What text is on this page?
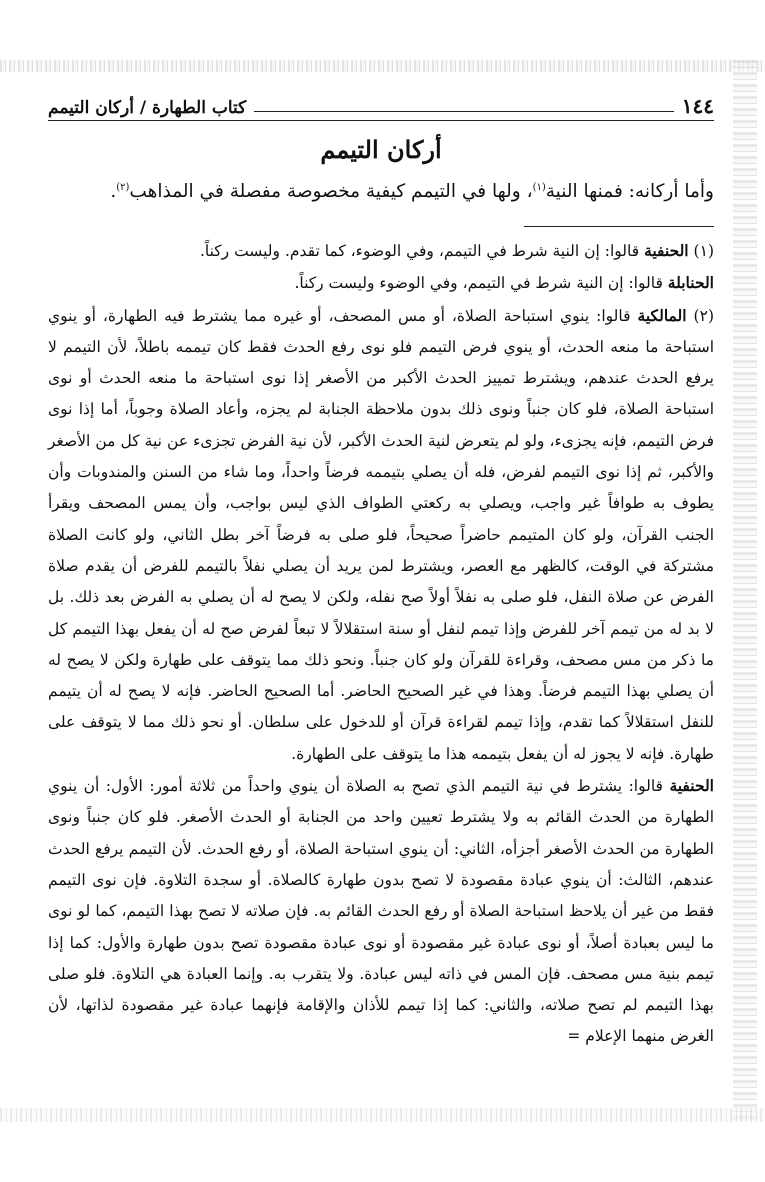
١٤٤
كتاب الطهارة / أركان التيمم
أركان التيمم

وأما أركانه: فمنها النية$^{(١)}$، ولها في التيمم كيفية مخصوصة مفصلة في المذاهب$^{(٢)}$.

(١) الحنفية قالوا: إن النية شرط في التيمم، وفي الوضوء، كما تقدم. وليست ركناً.

الحنابلة قالوا: إن النية شرط في التيمم، وفي الوضوء وليست ركناً.

(٢) المالكية قالوا: ينوي استباحة الصلاة، أو مس المصحف، أو غيره مما يشترط فيه الطهارة، أو ينوي استباحة ما منعه الحدث، أو ينوي فرض التيمم فلو نوى رفع الحدث فقط كان تيممه باطلاً، لأن التيمم لا يرفع الحدث عندهم، ويشترط تمييز الحدث الأكبر من الأصغر إذا نوى استباحة ما منعه الحدث أو نوى استباحة الصلاة، فلو كان جنباً ونوى ذلك بدون ملاحظة الجنابة لم يجزه، وأعاد الصلاة وجوباً، أما إذا نوى فرض التيمم، فإنه يجزىء، ولو لم يتعرض لنية الحدث الأكبر، لأن نية الفرض تجزىء عن نية كل من الأصغر والأكبر، ثم إذا نوى التيمم لفرض، فله أن يصلي بتيممه فرضاً واحداً، وما شاء من السنن والمندوبات وأن يطوف به طوافاً غير واجب، ويصلي به ركعتي الطواف الذي ليس بواجب، وأن يمس المصحف ويقرأ الجنب القرآن، ولو كان المتيمم حاضراً صحيحاً، فلو صلى به فرضاً آخر بطل الثاني، ولو كانت الصلاة مشتركة في الوقت، كالظهر مع العصر، ويشترط لمن يريد أن يصلي نفلاً بالتيمم للفرض أن يقدم صلاة الفرض عن صلاة النفل، فلو صلى به نفلاً أولاً صح نفله، ولكن لا يصح له أن يصلي به الفرض بعد ذلك. بل لا بد له من تيمم آخر للفرض وإذا تيمم لنفل أو سنة استقلالاً لا تبعاً لفرض صح له أن يفعل بهذا التيمم كل ما ذكر من مس مصحف، وقراءة للقرآن ولو كان جنباً. ونحو ذلك مما يتوقف على طهارة ولكن لا يصح له أن يصلي بهذا التيمم فرضاً. وهذا في غير الصحيح الحاضر. أما الصحيح الحاضر. فإنه لا يصح له أن يتيمم للنفل استقلالاً كما تقدم، وإذا تيمم لقراءة قرآن أو للدخول على سلطان. أو نحو ذلك مما لا يتوقف على طهارة. فإنه لا يجوز له أن يفعل بتيممه هذا ما يتوقف على الطهارة.

الحنفية قالوا: يشترط في نية التيمم الذي تصح به الصلاة أن ينوي واحداً من ثلاثة أمور: الأول: أن ينوي الطهارة من الحدث القائم به ولا يشترط تعيين واحد من الجنابة أو الحدث الأصغر. فلو كان جنباً ونوى الطهارة من الحدث الأصغر أجزأه، الثاني: أن ينوي استباحة الصلاة، أو رفع الحدث. لأن التيمم يرفع الحدث عندهم، الثالث: أن ينوي عبادة مقصودة لا تصح بدون طهارة كالصلاة. أو سجدة التلاوة. فإن نوى التيمم فقط من غير أن يلاحظ استباحة الصلاة أو رفع الحدث القائم به. فإن صلاته لا تصح بهذا التيمم، كما لو نوى ما ليس بعبادة أصلاً، أو نوى عبادة غير مقصودة أو نوى عبادة مقصودة تصح بدون طهارة والأول: كما إذا تيمم بنية مس مصحف. فإن المس في ذاته ليس عبادة. ولا يتقرب به. وإنما العبادة هي التلاوة. فلو صلى بهذا التيمم لم تصح صلاته، والثاني: كما إذا تيمم للأذان والإقامة فإنهما عبادة غير مقصودة لذاتها، لأن الغرض منهما الإعلام =
